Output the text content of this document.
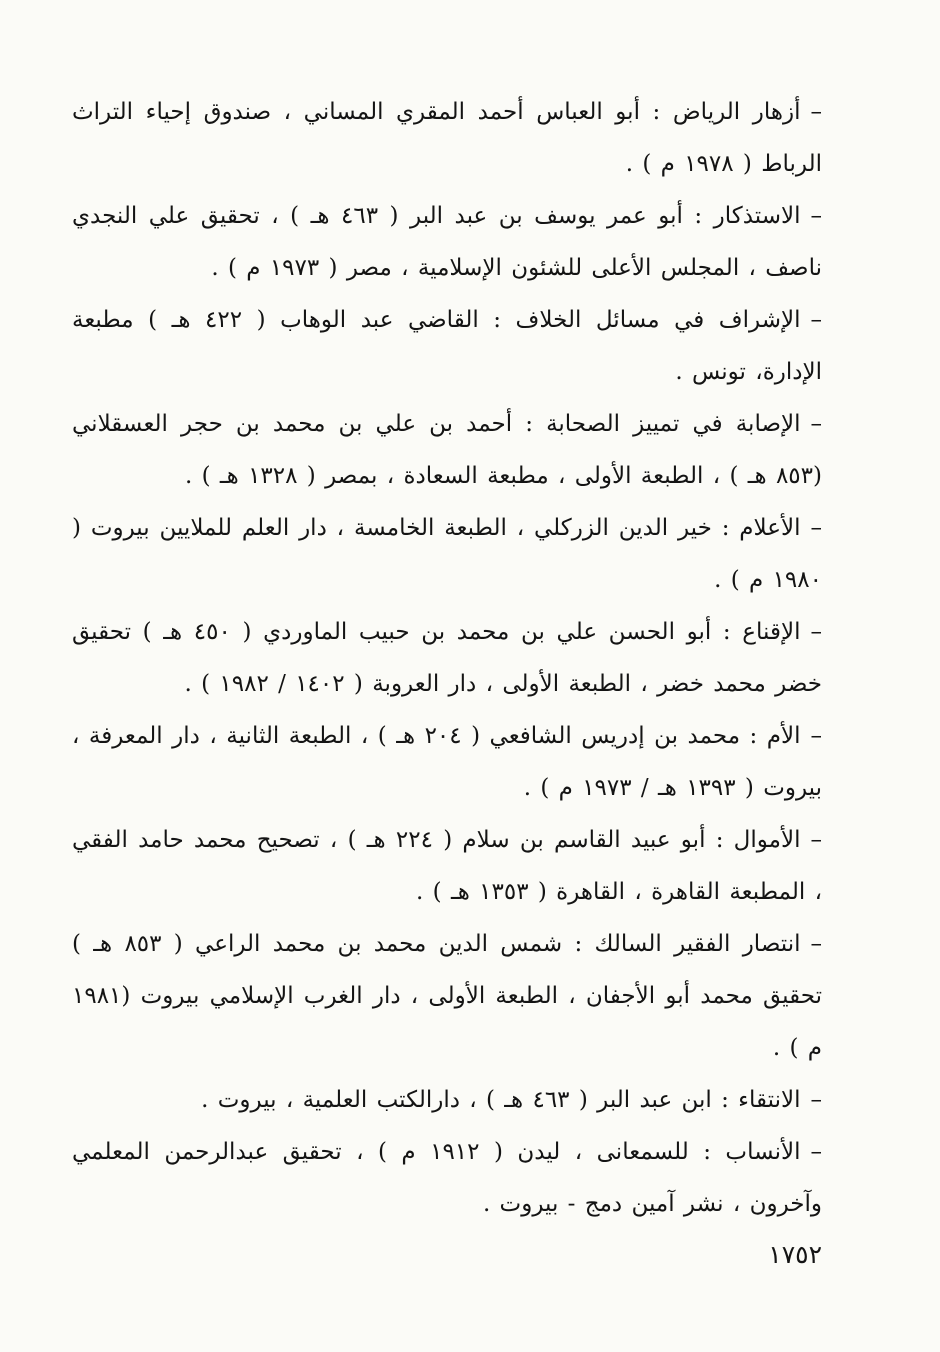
–أزهار الرياض : أبو العباس أحمد المقري المساني ، صندوق إحياء التراث الرباط ( ١٩٧٨ م ) .
–الاستذكار : أبو عمر يوسف بن عبد البر ( ٤٦٣ هـ ) ، تحقيق علي النجدي ناصف ، المجلس الأعلى للشئون الإسلامية ، مصر ( ١٩٧٣ م ) .
–الإشراف في مسائل الخلاف : القاضي عبد الوهاب ( ٤٢٢ هـ ) مطبعة الإدارة، تونس .
–الإصابة في تمييز الصحابة : أحمد بن علي بن محمد بن حجر العسقلاني (٨٥٣ هـ ) ، الطبعة الأولى ، مطبعة السعادة ، بمصر ( ١٣٢٨ هـ ) .
–الأعلام : خير الدين الزركلي ، الطبعة الخامسة ، دار العلم للملايين بيروت ( ١٩٨٠ م ) .
–الإقناع : أبو الحسن علي بن محمد بن حبيب الماوردي ( ٤٥٠ هـ ) تحقيق خضر محمد خضر ، الطبعة الأولى ، دار العروبة ( ١٤٠٢ / ١٩٨٢ ) .
–الأم : محمد بن إدريس الشافعي ( ٢٠٤ هـ ) ، الطبعة الثانية ، دار المعرفة ، بيروت ( ١٣٩٣ هـ / ١٩٧٣ م ) .
–الأموال : أبو عبيد القاسم بن سلام ( ٢٢٤ هـ ) ، تصحيح محمد حامد الفقي ، المطبعة القاهرة ، القاهرة ( ١٣٥٣ هـ ) .
–انتصار الفقير السالك : شمس الدين محمد بن محمد الراعي ( ٨٥٣ هـ ) تحقيق محمد أبو الأجفان ، الطبعة الأولى ، دار الغرب الإسلامي بيروت (١٩٨١ م ) .
–الانتقاء : ابن عبد البر ( ٤٦٣ هـ ) ، دارالكتب العلمية ، بيروت .
–الأنساب : للسمعانى ، ليدن ( ١٩١٢ م ) ، تحقيق عبدالرحمن المعلمي وآخرون ، نشر آمين دمج - بيروت .
١٧٥٢
